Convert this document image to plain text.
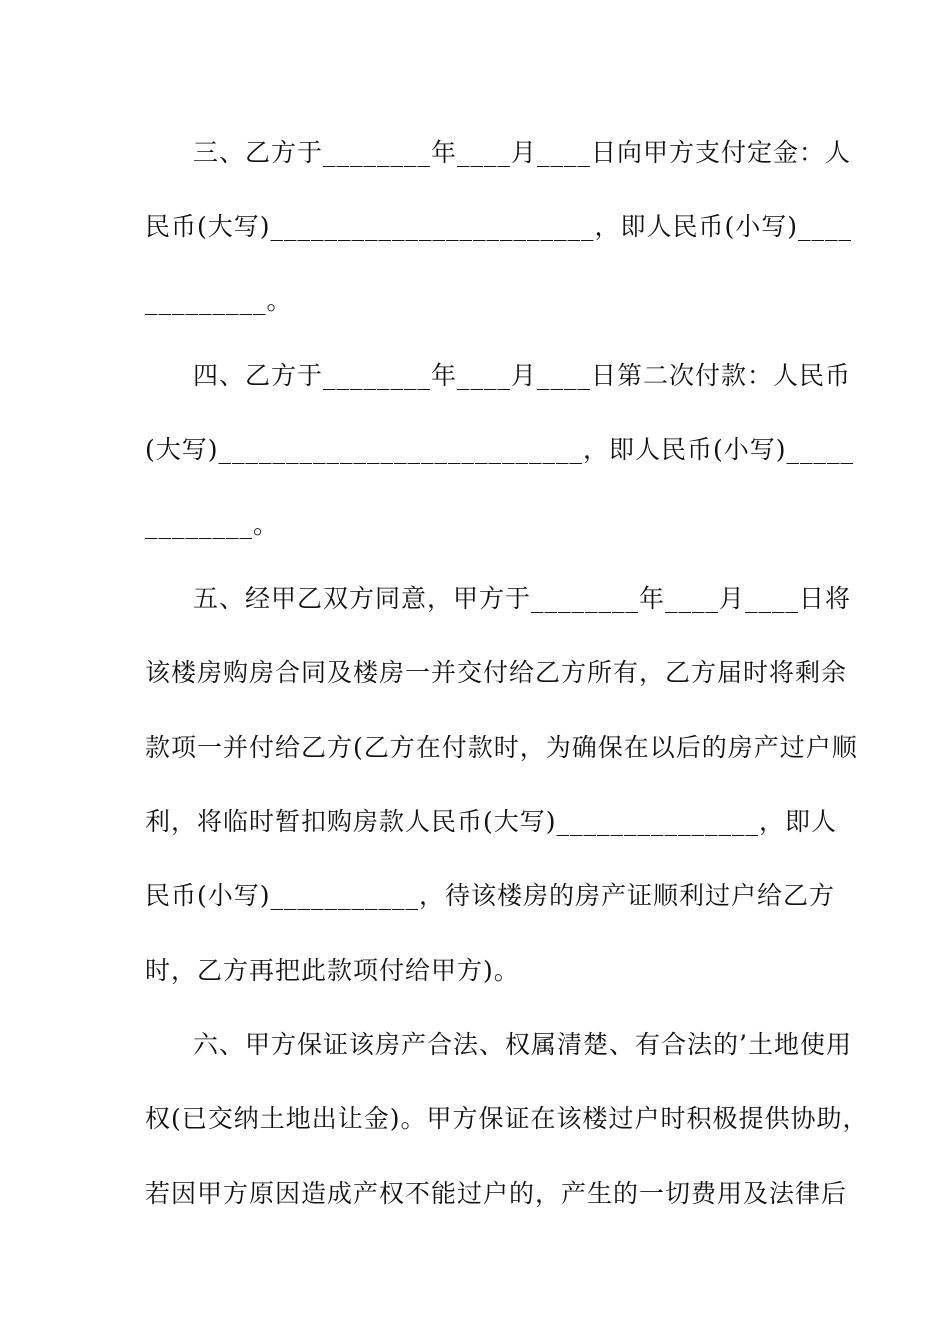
三、乙方于________年____月____日向甲方支付定金：人
民币(大写)________________________，即人民币(小写)____
_________。
四、乙方于________年____月____日第二次付款：人民币
(大写)___________________________，即人民币(小写)_____
________。
五、经甲乙双方同意，甲方于________年____月____日将
该楼房购房合同及楼房一并交付给乙方所有，乙方届时将剩余
款项一并付给乙方(乙方在付款时，为确保在以后的房产过户顺
利，将临时暂扣购房款人民币(大写)_______________，即人
民币(小写)___________，待该楼房的房产证顺利过户给乙方
时，乙方再把此款项付给甲方)。
六、甲方保证该房产合法、权属清楚、有合法的’土地使用
权(已交纳土地出让金)。甲方保证在该楼过户时积极提供协助，
若因甲方原因造成产权不能过户的，产生的一切费用及法律后
